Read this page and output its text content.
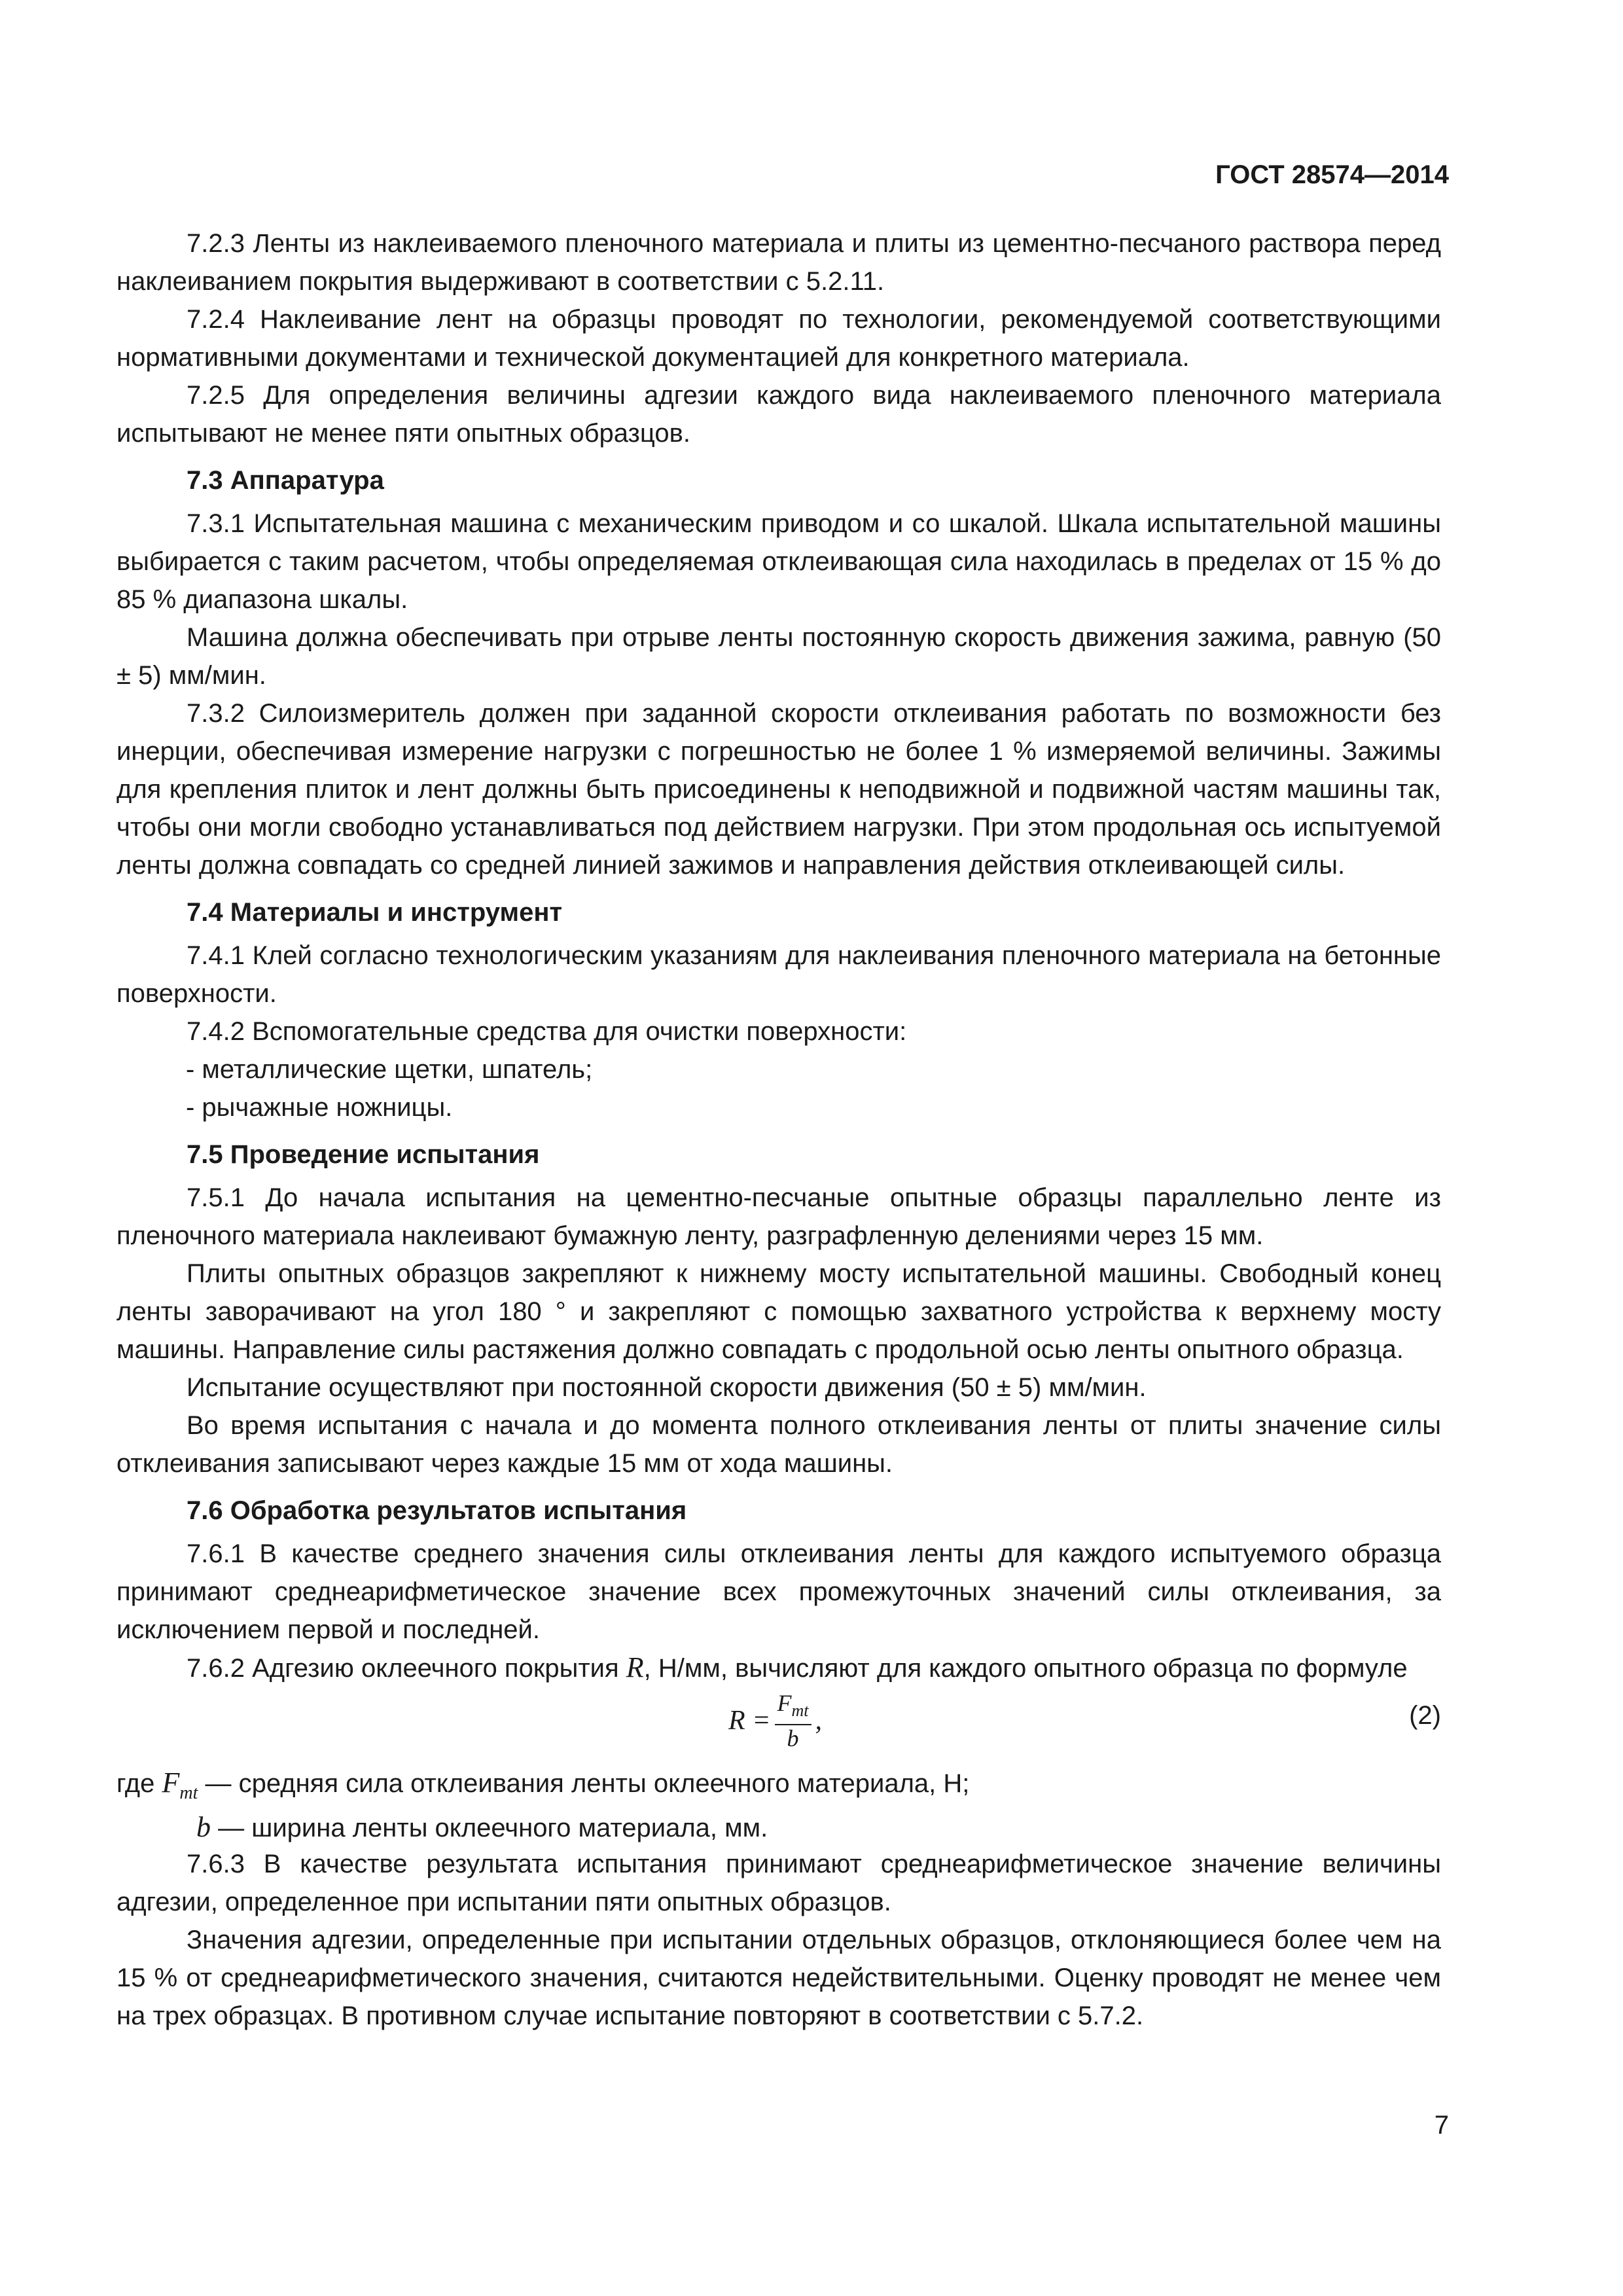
ГОСТ 28574—2014

7.2.3 Ленты из наклеиваемого пленочного материала и плиты из цементно-песчаного раствора перед наклеиванием покрытия выдерживают в соответствии с 5.2.11.

7.2.4 Наклеивание лент на образцы проводят по технологии, рекомендуемой соответствующими нормативными документами и технической документацией для конкретного материала.

7.2.5 Для определения величины адгезии каждого вида наклеиваемого пленочного материала испытывают не менее пяти опытных образцов.

7.3 Аппаратура

7.3.1 Испытательная машина с механическим приводом и со шкалой. Шкала испытательной машины выбирается с таким расчетом, чтобы определяемая отклеивающая сила находилась в пределах от 15 % до 85 % диапазона шкалы.

Машина должна обеспечивать при отрыве ленты постоянную скорость движения зажима, равную (50 ± 5) мм/мин.

7.3.2 Силоизмеритель должен при заданной скорости отклеивания работать по возможности без инерции, обеспечивая измерение нагрузки с погрешностью не более 1 % измеряемой величины. Зажимы для крепления плиток и лент должны быть присоединены к неподвижной и подвижной частям машины так, чтобы они могли свободно устанавливаться под действием нагрузки. При этом продольная ось испытуемой ленты должна совпадать со средней линией зажимов и направления действия отклеивающей силы.

7.4 Материалы и инструмент

7.4.1 Клей согласно технологическим указаниям для наклеивания пленочного материала на бетонные поверхности.

7.4.2 Вспомогательные средства для очистки поверхности:

- металлические щетки, шпатель;
- рычажные ножницы.
7.5 Проведение испытания

7.5.1 До начала испытания на цементно-песчаные опытные образцы параллельно ленте из пленочного материала наклеивают бумажную ленту, разграфленную делениями через 15 мм.

Плиты опытных образцов закрепляют к нижнему мосту испытательной машины. Свободный конец ленты заворачивают на угол 180 ° и закрепляют с помощью захватного устройства к верхнему мосту машины. Направление силы растяжения должно совпадать с продольной осью ленты опытного образца.

Испытание осуществляют при постоянной скорости движения (50 ± 5) мм/мин.

Во время испытания с начала и до момента полного отклеивания ленты от плиты значение силы отклеивания записывают через каждые 15 мм от хода машины.

7.6 Обработка результатов испытания

7.6.1 В качестве среднего значения силы отклеивания ленты для каждого испытуемого образца принимают среднеарифметическое значение всех промежуточных значений силы отклеивания, за исключением первой и последней.

7.6.2 Адгезию оклеечного покрытия R, Н/мм, вычисляют для каждого опытного образца по формуле

$R = \frac{F_{mt}}{b}$ ,	(2)

где $F_{mt}$ — средняя сила отклеивания ленты оклеечного материала, Н;

b — ширина ленты оклеечного материала, мм.

7.6.3 В качестве результата испытания принимают среднеарифметическое значение величины адгезии, определенное при испытании пяти опытных образцов.

Значения адгезии, определенные при испытании отдельных образцов, отклоняющиеся более чем на 15 % от среднеарифметического значения, считаются недействительными. Оценку проводят не менее чем на трех образцах. В противном случае испытание повторяют в соответствии с 5.7.2.

7
